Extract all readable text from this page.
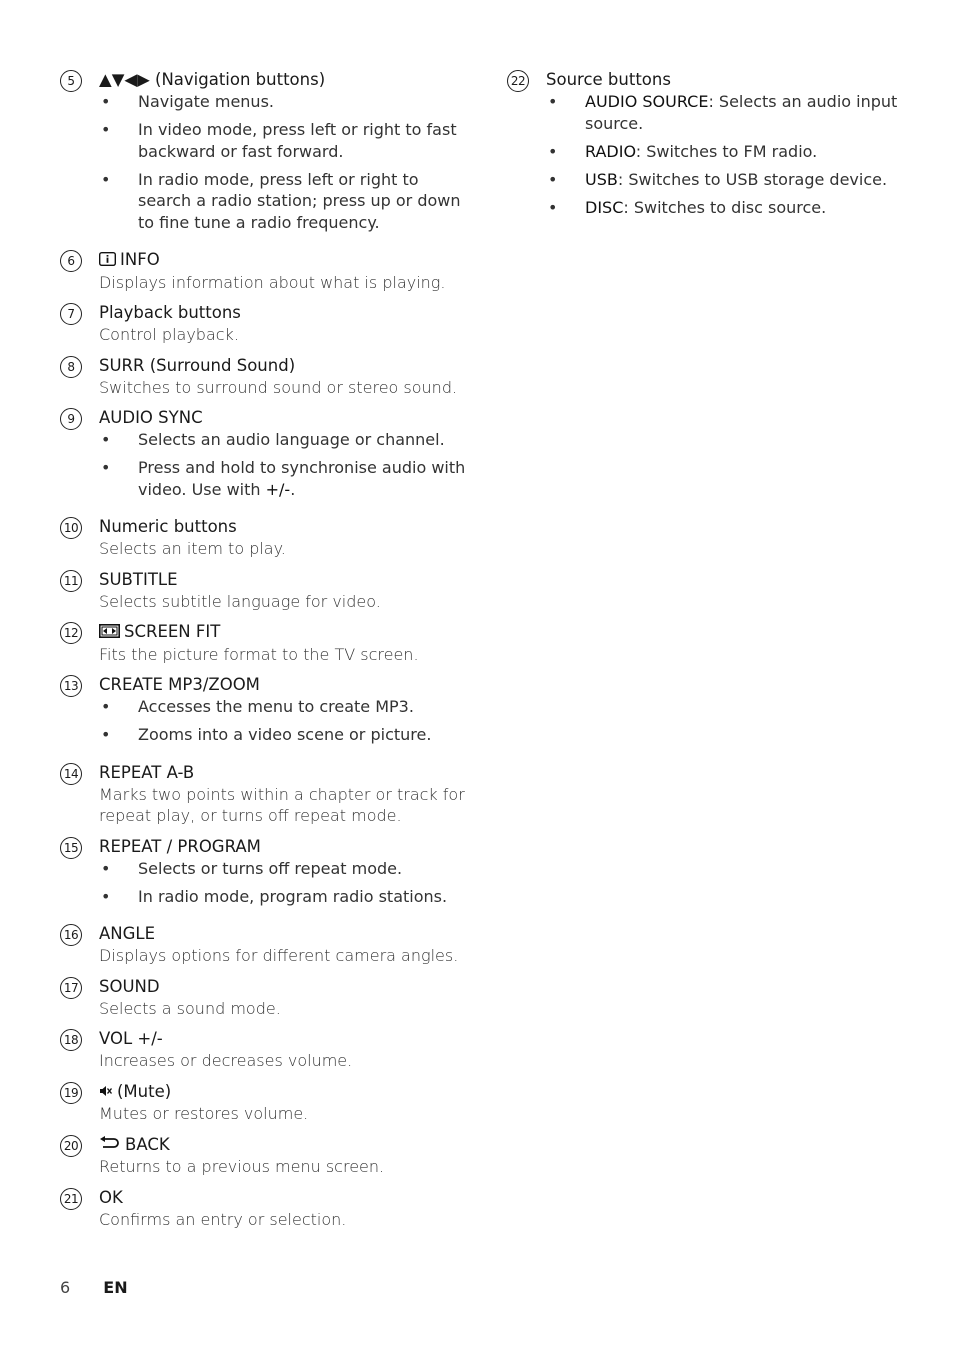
5	▲▼◀▶ (Navigation buttons)
• Navigate menus.
• In video mode, press left or right to fast backward or fast forward.
• In radio mode, press left or right to search a radio station; press up or down to fine tune a radio frequency.
6	INFO
Displays information about what is playing.
7	Playback buttons
Control playback.
8	SURR (Surround Sound)
Switches to surround sound or stereo sound.
9	AUDIO SYNC
• Selects an audio language or channel.
• Press and hold to synchronise audio with video. Use with +/-.
10 Numeric buttons
Selects an item to play.
11 SUBTITLE
Selects subtitle language for video.
12	SCREEN FIT
Fits the picture format to the TV screen.
13 CREATE MP3/ZOOM
• Accesses the menu to create MP3.
• Zooms into a video scene or picture.
14 REPEAT A-B
Marks two points within a chapter or track for repeat play, or turns off repeat mode.
15 REPEAT / PROGRAM
• Selects or turns off repeat mode.
• In radio mode, program radio stations.
16 ANGLE
Displays options for different camera angles.
17 SOUND
Selects a sound mode.
18 VOL +/-
Increases or decreases volume.
19	(Mute)
Mutes or restores volume.
20	BACK
Returns to a previous menu screen.
21 OK
Confirms an entry or selection.
22 Source buttons
• AUDIO SOURCE: Selects an audio input source.
• RADIO: Switches to FM radio.
• USB: Switches to USB storage device.
• DISC: Switches to disc source.
6 EN
